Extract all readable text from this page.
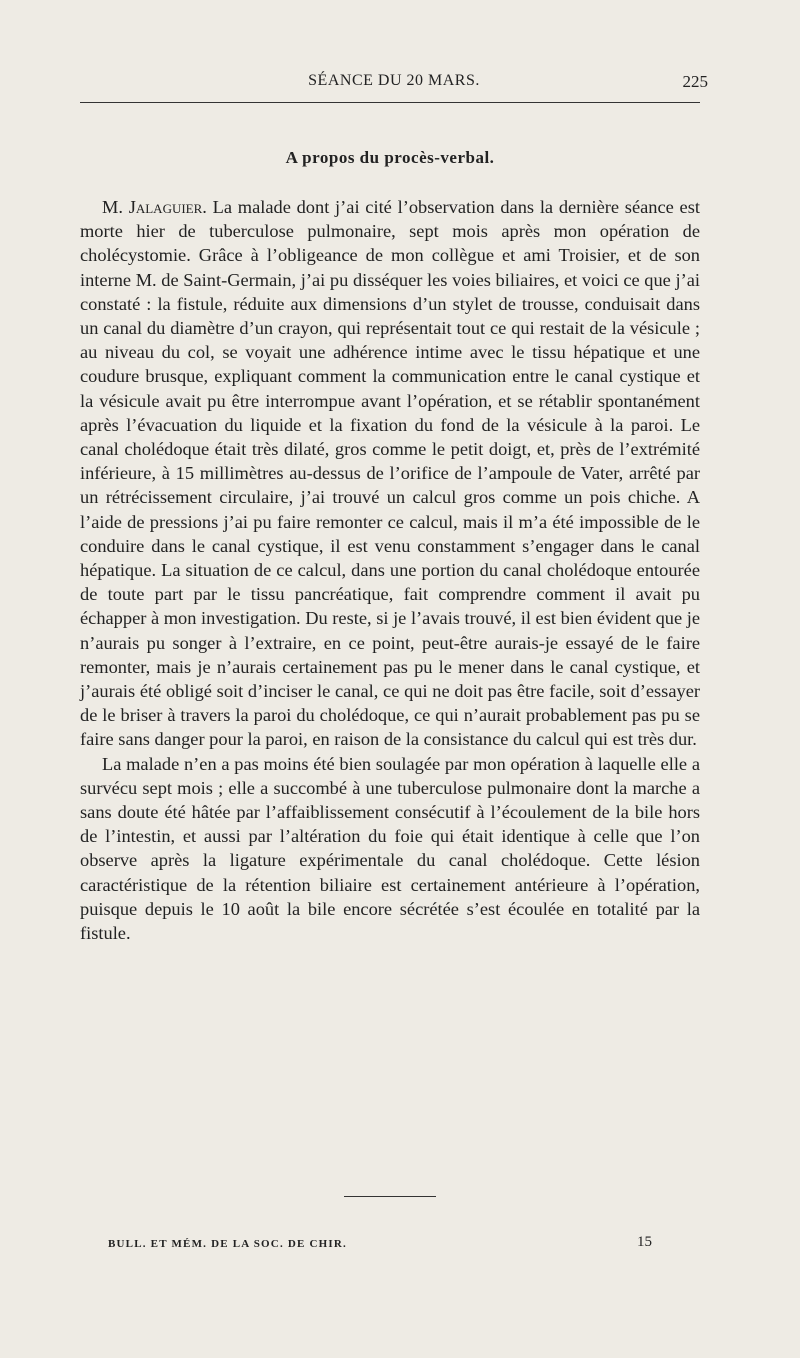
SÉANCE DU 20 MARS.	225
A propos du procès-verbal.

M. Jalaguier. La malade dont j’ai cité l’observation dans la dernière séance est morte hier de tuberculose pulmonaire, sept mois après mon opération de cholécystomie. Grâce à l’obligeance de mon collègue et ami Troisier, et de son interne M. de Saint-Germain, j’ai pu disséquer les voies biliaires, et voici ce que j’ai constaté : la fistule, réduite aux dimensions d’un stylet de trousse, conduisait dans un canal du diamètre d’un crayon, qui représentait tout ce qui restait de la vésicule ; au niveau du col, se voyait une adhérence intime avec le tissu hépatique et une coudure brusque, expliquant comment la communication entre le canal cystique et la vésicule avait pu être interrompue avant l’opération, et se rétablir spontanément après l’évacuation du liquide et la fixation du fond de la vésicule à la paroi. Le canal cholédoque était très dilaté, gros comme le petit doigt, et, près de l’extrémité inférieure, à 15 millimètres au-dessus de l’orifice de l’ampoule de Vater, arrêté par un rétrécissement circulaire, j’ai trouvé un calcul gros comme un pois chiche. A l’aide de pressions j’ai pu faire remonter ce calcul, mais il m’a été impossible de le conduire dans le canal cystique, il est venu constamment s’engager dans le canal hépatique. La situation de ce calcul, dans une portion du canal cholédoque entourée de toute part par le tissu pancréatique, fait comprendre comment il avait pu échapper à mon investigation. Du reste, si je l’avais trouvé, il est bien évident que je n’aurais pu songer à l’extraire, en ce point, peut-être aurais-je essayé de le faire remonter, mais je n’aurais certainement pas pu le mener dans le canal cystique, et j’aurais été obligé soit d’inciser le canal, ce qui ne doit pas être facile, soit d’essayer de le briser à travers la paroi du cholédoque, ce qui n’aurait probablement pas pu se faire sans danger pour la paroi, en raison de la consistance du calcul qui est très dur.

La malade n’en a pas moins été bien soulagée par mon opération à laquelle elle a survécu sept mois ; elle a succombé à une tuberculose pulmonaire dont la marche a sans doute été hâtée par l’affaiblissement consécutif à l’écoulement de la bile hors de l’intestin, et aussi par l’altération du foie qui était identique à celle que l’on observe après la ligature expérimentale du canal cholédoque. Cette lésion caractéristique de la rétention biliaire est certainement antérieure à l’opération, puisque depuis le 10 août la bile encore sécrétée s’est écoulée en totalité par la fistule.

BULL. ET MÉM. DE LA SOC. DE CHIR.	15
